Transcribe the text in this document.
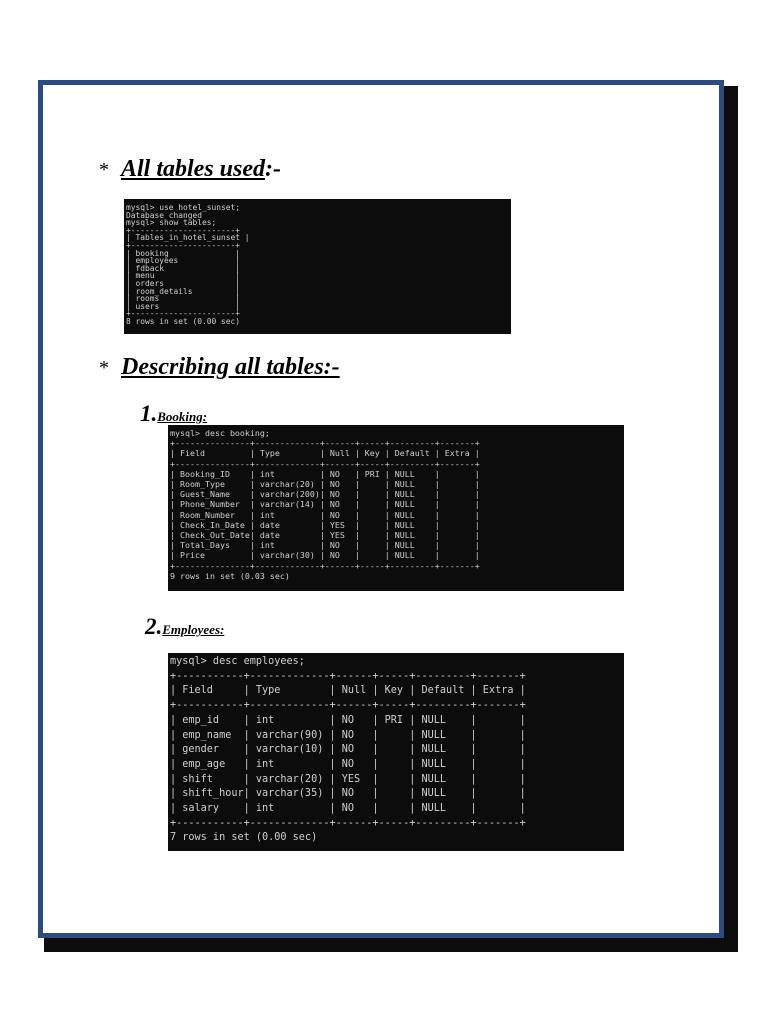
* All tables used:-
mysql> use hotel_sunset;
Database changed
mysql> show tables;
+----------------------+
| Tables_in_hotel_sunset |
+----------------------+
| booking              |
| employees            |
| fdback               |
| menu                 |
| orders               |
| room_details         |
| rooms                |
| users                |
+----------------------+
8 rows in set (0.00 sec)
* Describing all tables:-
1.Booking:
mysql> desc booking;
+---------------+-------------+------+-----+---------+-------+
| Field         | Type        | Null | Key | Default | Extra |
+---------------+-------------+------+-----+---------+-------+
| Booking_ID    | int         | NO   | PRI | NULL    |       |
| Room_Type     | varchar(20) | NO   |     | NULL    |       |
| Guest_Name    | varchar(200)| NO   |     | NULL    |       |
| Phone_Number  | varchar(14) | NO   |     | NULL    |       |
| Room_Number   | int         | NO   |     | NULL    |       |
| Check_In_Date | date        | YES  |     | NULL    |       |
| Check_Out_Date| date        | YES  |     | NULL    |       |
| Total_Days    | int         | NO   |     | NULL    |       |
| Price         | varchar(30) | NO   |     | NULL    |       |
+---------------+-------------+------+-----+---------+-------+
9 rows in set (0.03 sec)
2.Employees:
mysql> desc employees;
+-----------+-------------+------+-----+---------+-------+
| Field     | Type        | Null | Key | Default | Extra |
+-----------+-------------+------+-----+---------+-------+
| emp_id    | int         | NO   | PRI | NULL    |       |
| emp_name  | varchar(90) | NO   |     | NULL    |       |
| gender    | varchar(10) | NO   |     | NULL    |       |
| emp_age   | int         | NO   |     | NULL    |       |
| shift     | varchar(20) | YES  |     | NULL    |       |
| shift_hour| varchar(35) | NO   |     | NULL    |       |
| salary    | int         | NO   |     | NULL    |       |
+-----------+-------------+------+-----+---------+-------+
7 rows in set (0.00 sec)
